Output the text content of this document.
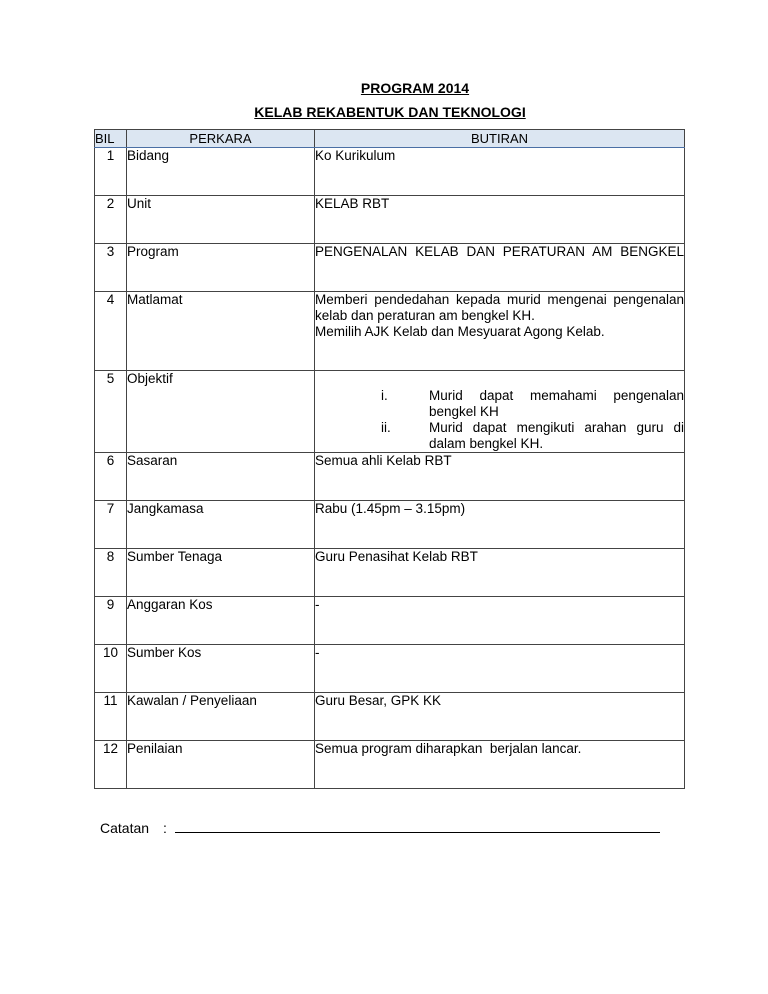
PROGRAM 2014
KELAB REKABENTUK DAN TEKNOLOGI
BIL	PERKARA	BUTIRAN
1	Bidang	Ko Kurikulum
2	Unit	KELAB RBT
3	Program	PENGENALAN KELAB DAN PERATURAN AM BENGKEL

4	Matlamat	Memberi pendedahan kepada murid mengenai pengenalan kelab dan peraturan am bengkel KH.
Memilih AJK Kelab dan Mesyuarat Agong Kelab.

5	Objektif	i. Murid dapat memahami pengenalan bengkel KH
ii. Murid dapat mengikuti arahan guru di dalam bengkel KH.

6	Sasaran	Semua ahli Kelab RBT
7	Jangkamasa	Rabu (1.45pm – 3.15pm)
8	Sumber Tenaga	Guru Penasihat Kelab RBT
9	Anggaran Kos	-
10	Sumber Kos	-
11	Kawalan / Penyeliaan	Guru Besar, GPK KK
12	Penilaian	Semua program diharapkan  berjalan lancar.
Catatan :
